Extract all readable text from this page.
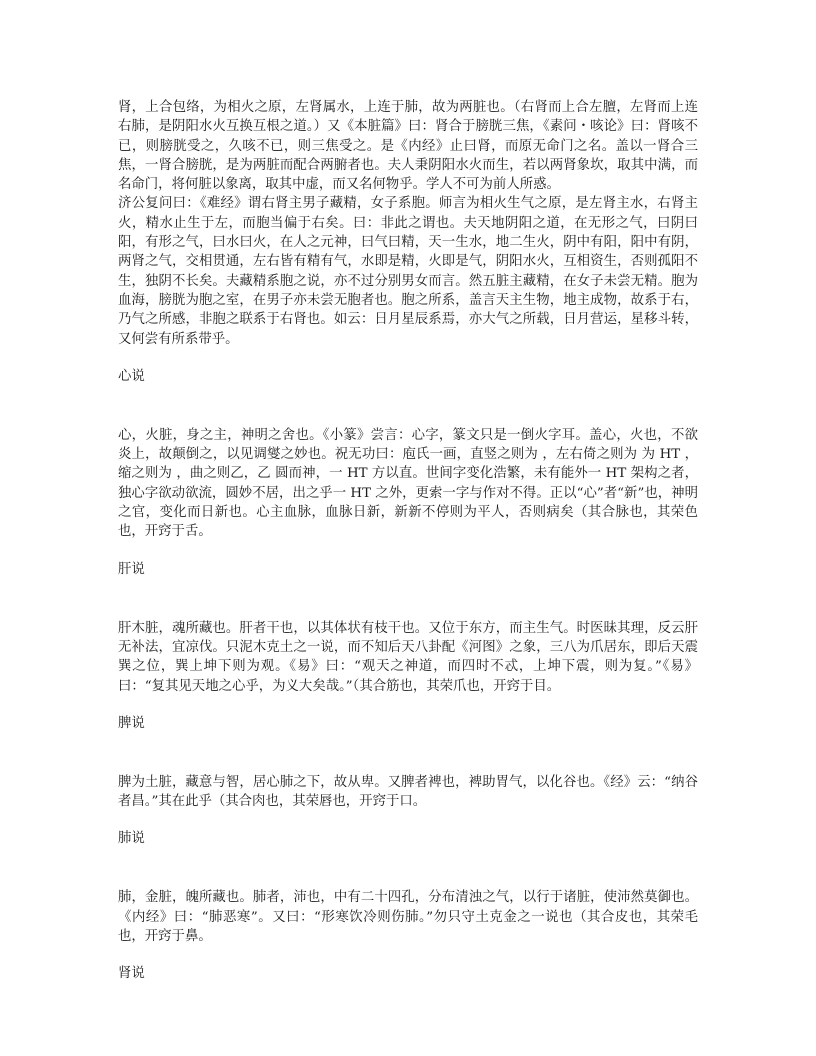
肾，上合包络，为相火之原，左肾属水，上连于肺，故为两脏也。（右肾而上合左膻，左肾而上连右肺，是阴阳水火互换互根之道。）又《本脏篇》曰：肾合于膀胱三焦，《素问・咳论》曰：肾咳不已，则膀胱受之，久咳不已，则三焦受之。是《内经》止曰肾，而原无命门之名。盖以一肾合三焦，一肾合膀胱，是为两脏而配合两腑者也。夫人秉阴阳水火而生，若以两肾象坎，取其中满，而名命门，将何脏以象离，取其中虚，而又名何物乎。学人不可为前人所惑。

济公复问曰：《难经》谓右肾主男子藏精，女子系胞。师言为相火生气之原，是左肾主水，右肾主火，精水止生于左，而胞当偏于右矣。曰：非此之谓也。夫天地阴阳之道，在无形之气，曰阴曰阳，有形之气，曰水曰火，在人之元神，曰气曰精，天一生水，地二生火，阴中有阳，阳中有阴，两肾之气，交相贯通，左右皆有精有气，水即是精，火即是气，阴阳水火，互相资生，否则孤阳不生，独阴不长矣。夫藏精系胞之说，亦不过分别男女而言。然五脏主藏精，在女子未尝无精。胞为血海，膀胱为胞之室，在男子亦未尝无胞者也。胞之所系，盖言天主生物，地主成物，故系于右，乃气之所感，非胞之联系于右肾也。如云：日月星辰系焉，亦大气之所载，日月营运，星移斗转，又何尝有所系带乎。

心说

心，火脏，身之主，神明之舍也。《小篆》尝言：心字，篆文只是一倒火字耳。盖心，火也，不欲炎上，故颠倒之，以见调燮之妙也。祝无功曰：庖氏一画，直竖之则为 ，左右倚之则为 为 HT ，缩之则为 ，曲之则乙，乙 圆而神，一 HT 方以直。世间字变化浩繁，未有能外一 HT 架构之者，独心字欲动欲流，圆妙不居，出之乎一 HT 之外，更索一字与作对不得。正以“心”者“新”也，神明之官，变化而日新也。心主血脉，血脉日新，新新不停则为平人，否则病矣（其合脉也，其荣色也，开窍于舌。

肝说

肝木脏，魂所藏也。肝者干也，以其体状有枝干也。又位于东方，而主生气。时医昧其理，反云肝无补法，宜凉伐。只泥木克土之一说，而不知后天八卦配《河图》之象，三八为爪居东，即后天震巽之位，巽上坤下则为观。《易》曰：“观天之神道，而四时不忒，上坤下震，则为复。”《易》曰：“复其见天地之心乎，为义大矣哉。”（其合筋也，其荣爪也，开窍于目。

脾说

脾为土脏，藏意与智，居心肺之下，故从卑。又脾者裨也，裨助胃气，以化谷也。《经》云：“纳谷者昌。”其在此乎（其合肉也，其荣唇也，开窍于口。

肺说

肺，金脏，魄所藏也。肺者，沛也，中有二十四孔，分布清浊之气，以行于诸脏，使沛然莫御也。《内经》曰：“肺恶寒”。又曰：“形寒饮冷则伤肺。”勿只守土克金之一说也（其合皮也，其荣毛也，开窍于鼻。

肾说
